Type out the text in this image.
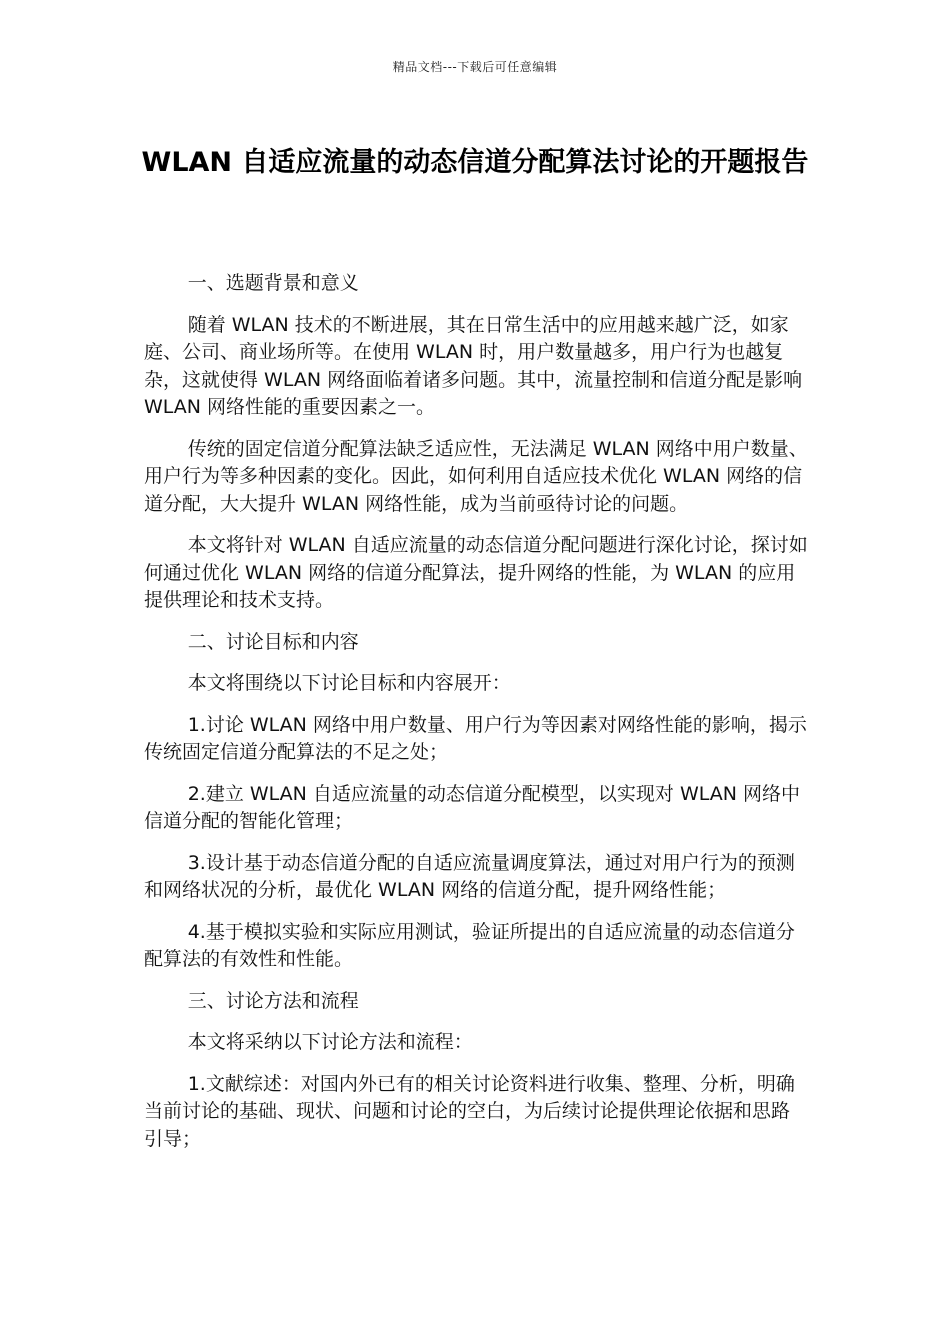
精品文档---下载后可任意编辑
WLAN 自适应流量的动态信道分配算法讨论的开题报告

一、选题背景和意义

随着 WLAN 技术的不断进展，其在日常生活中的应用越来越广泛，如家庭、公司、商业场所等。在使用 WLAN 时，用户数量越多，用户行为也越复杂，这就使得 WLAN 网络面临着诸多问题。其中，流量控制和信道分配是影响 WLAN 网络性能的重要因素之一。

传统的固定信道分配算法缺乏适应性，无法满足 WLAN 网络中用户数量、用户行为等多种因素的变化。因此，如何利用自适应技术优化 WLAN 网络的信道分配，大大提升 WLAN 网络性能，成为当前亟待讨论的问题。

本文将针对 WLAN 自适应流量的动态信道分配问题进行深化讨论，探讨如何通过优化 WLAN 网络的信道分配算法，提升网络的性能，为 WLAN 的应用提供理论和技术支持。

二、讨论目标和内容

本文将围绕以下讨论目标和内容展开：

1.讨论 WLAN 网络中用户数量、用户行为等因素对网络性能的影响，揭示传统固定信道分配算法的不足之处；

2.建立 WLAN 自适应流量的动态信道分配模型，以实现对 WLAN 网络中信道分配的智能化管理；

3.设计基于动态信道分配的自适应流量调度算法，通过对用户行为的预测和网络状况的分析，最优化 WLAN 网络的信道分配，提升网络性能；

4.基于模拟实验和实际应用测试，验证所提出的自适应流量的动态信道分配算法的有效性和性能。

三、讨论方法和流程

本文将采纳以下讨论方法和流程：

1.文献综述：对国内外已有的相关讨论资料进行收集、整理、分析，明确当前讨论的基础、现状、问题和讨论的空白，为后续讨论提供理论依据和思路引导；
